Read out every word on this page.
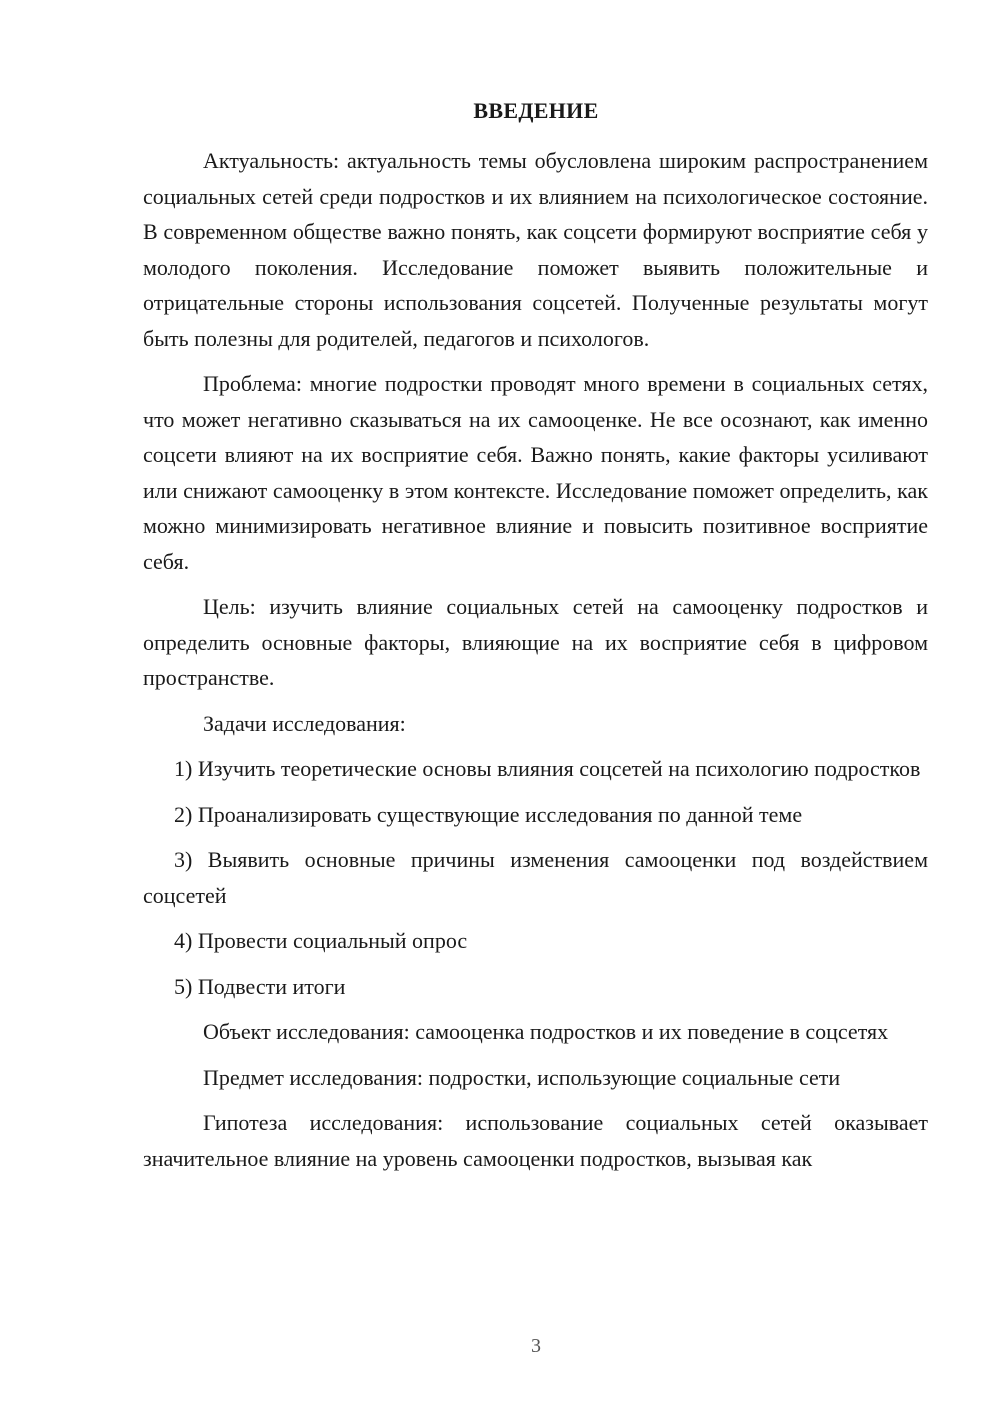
ВВЕДЕНИЕ

Актуальность: актуальность темы обусловлена широким распространением социальных сетей среди подростков и их влиянием на психологическое состояние. В современном обществе важно понять, как соцсети формируют восприятие себя у молодого поколения. Исследование поможет выявить положительные и отрицательные стороны использования соцсетей. Полученные результаты могут быть полезны для родителей, педагогов и психологов.

Проблема: многие подростки проводят много времени в социальных сетях, что может негативно сказываться на их самооценке. Не все осознают, как именно соцсети влияют на их восприятие себя. Важно понять, какие факторы усиливают или снижают самооценку в этом контексте. Исследование поможет определить, как можно минимизировать негативное влияние и повысить позитивное восприятие себя.

Цель: изучить влияние социальных сетей на самооценку подростков и определить основные факторы, влияющие на их восприятие себя в цифровом пространстве.

Задачи исследования:

1) Изучить теоретические основы влияния соцсетей на психологию подростков

2) Проанализировать существующие исследования по данной теме

3) Выявить основные причины изменения самооценки под воздействием соцсетей

4) Провести социальный опрос

5) Подвести итоги

Объект исследования: самооценка подростков и их поведение в соцсетях

Предмет исследования: подростки, использующие социальные сети

Гипотеза исследования: использование социальных сетей оказывает значительное влияние на уровень самооценки подростков, вызывая как

3
